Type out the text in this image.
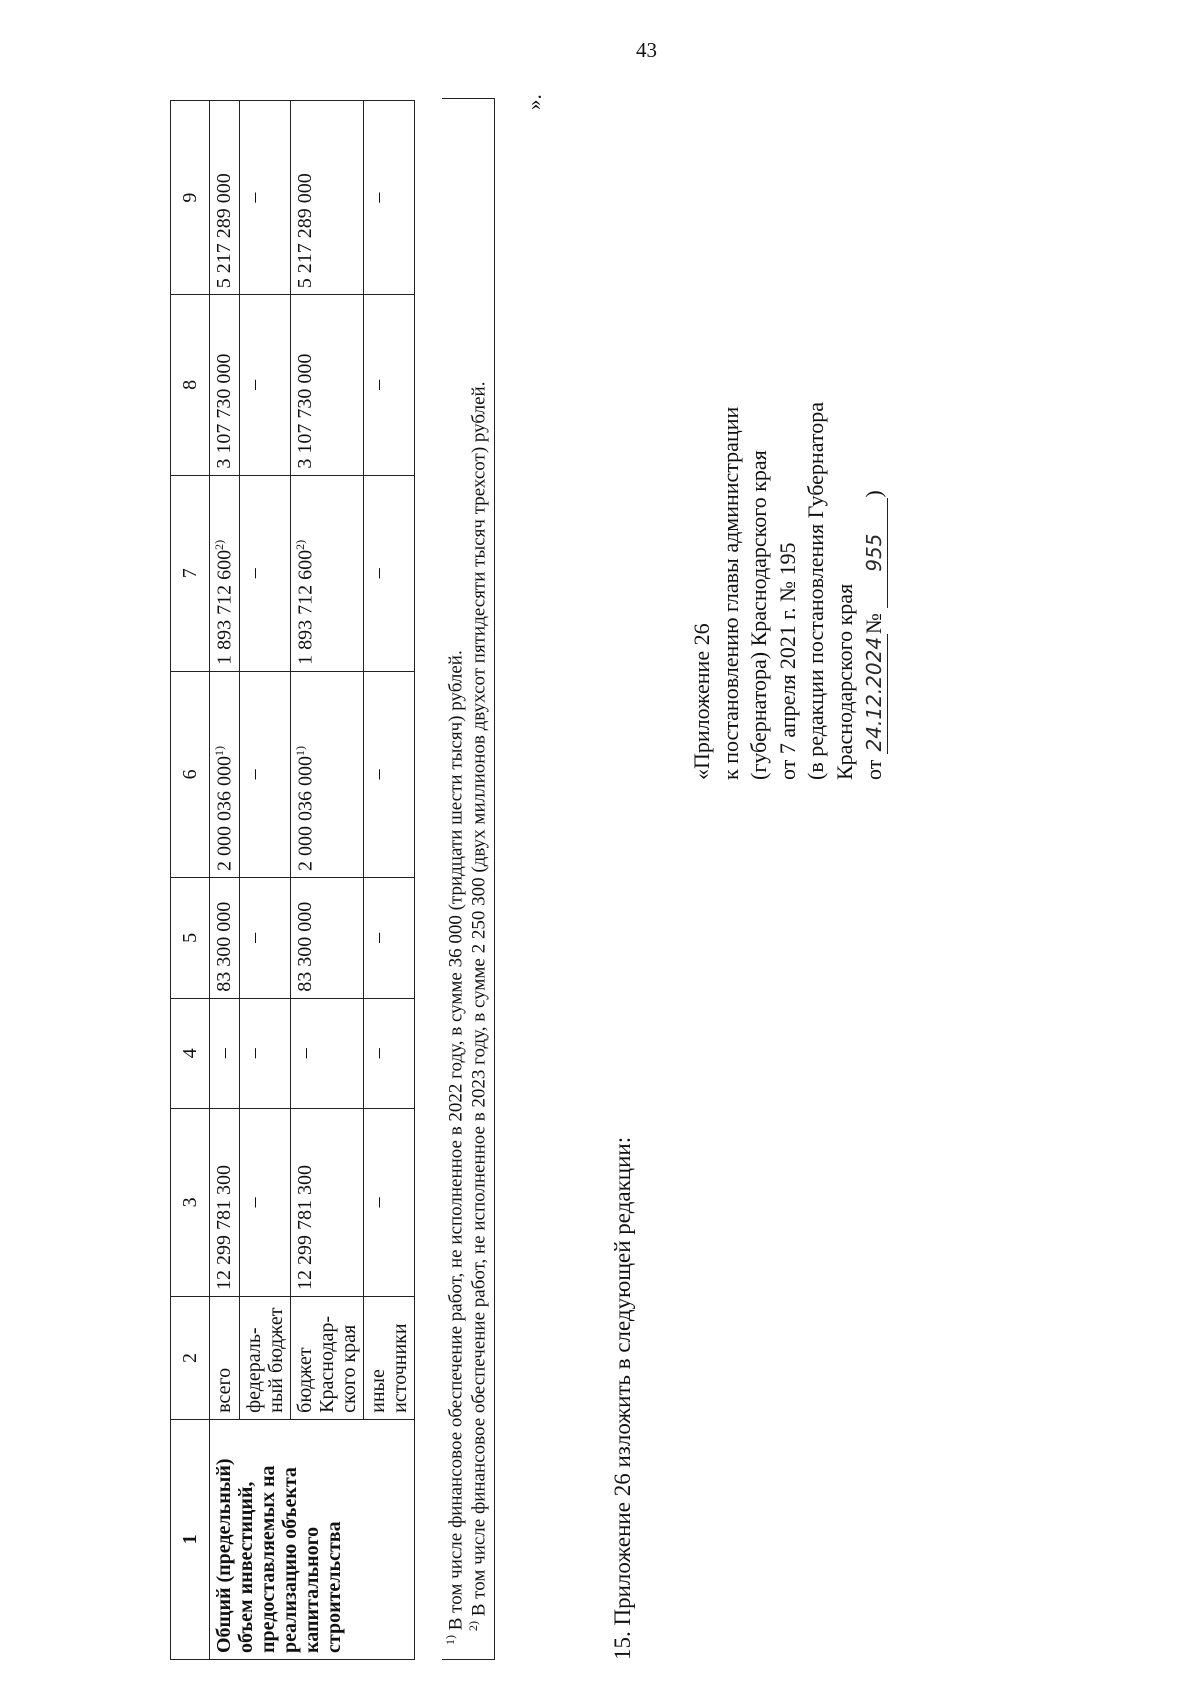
43
1	2	3	4	5	6	7	8	9
Общий (предельный) объем инвестиций, предоставляемых на реализацию объекта капитального строительства	всего	12 299 781 300	–	83 300 000	2 000 036 000$^{1)}$	1 893 712 600$^{2)}$	3 107 730 000	5 217 289 000
	федераль-ный бюджет	–	–	–	–	–	–	–
	бюджет Краснодар-ского края	12 299 781 300	–	83 300 000	2 000 036 000$^{1)}$	1 893 712 600$^{2)}$	3 107 730 000	5 217 289 000
	иные источники	–	–	–	–	–	–	–

$^{1)}$ В том числе финансовое обеспечение работ, не исполненное в 2022 году, в сумме 36 000 (тридцати шести тысяч) рублей. $^{2)}$ В том числе финансовое обеспечение работ, не исполненное в 2023 году, в сумме 2 250 300 (двух миллионов двухсот пятидесяти тысяч трехсот) рублей.

».
15. Приложение 26 изложить в следующей редакции:

«Приложение 26 к постановлению главы администрации (губернатора) Краснодарского края от 7 апреля 2021 г. № 195 (в редакции постановления Губернатора Краснодарского края от 24.12.2024№ 955)
